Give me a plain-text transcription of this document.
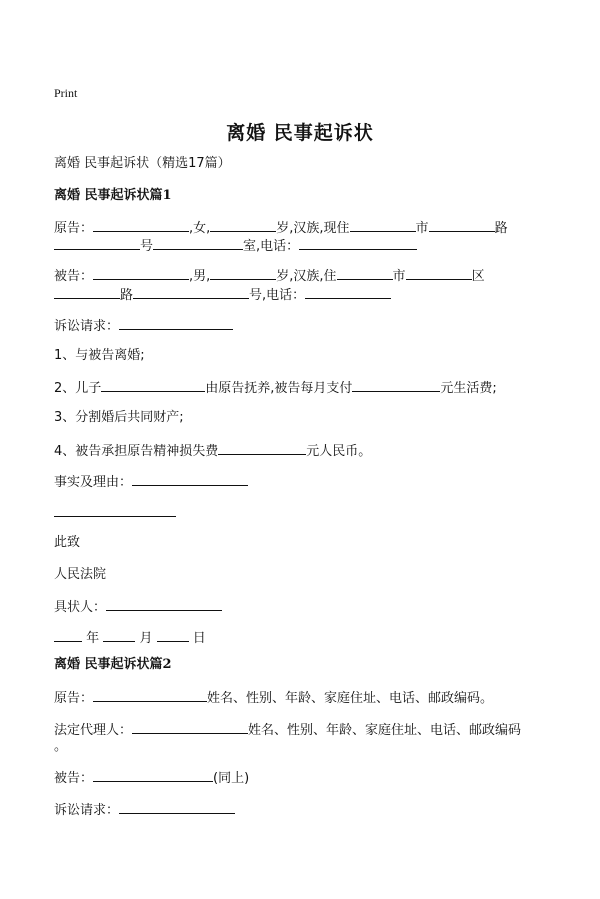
Print
离婚 民事起诉状
离婚 民事起诉状（精选17篇）
离婚 民事起诉状篇1
原告：	,女,	岁,汉族,现住	市	路
号	室,电话：
被告：	,男,	岁,汉族,住	市	区
路	号,电话：
诉讼请求：
1、与被告离婚;
2、儿子	由原告抚养,被告每月支付	元生活费;
3、分割婚后共同财产;
4、被告承担原告精神损失费	元人民币。
事实及理由：
此致
人民法院
具状人：
年	月	日
离婚 民事起诉状篇2
原告：	姓名、性别、年龄、家庭住址、电话、邮政编码。
法定代理人：	姓名、性别、年龄、家庭住址、电话、邮政编码
。
被告：	(同上)
诉讼请求：
